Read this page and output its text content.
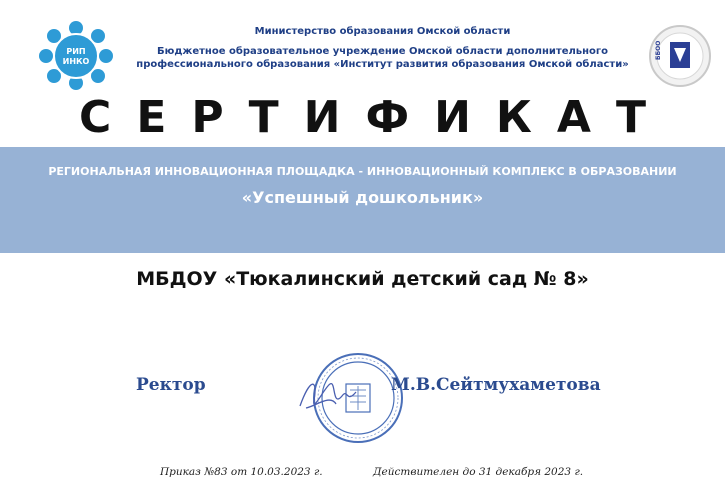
РИП
ИНКО
Министерство образования Омской области
Бюджетное образовательное учреждение Омской области дополнительного
профессионального образования «Институт развития образования Омской области»
ББОО
СЕРТИФИКАТ
РЕГИОНАЛЬНАЯ ИННОВАЦИОННАЯ ПЛОЩАДКА - ИННОВАЦИОННЫЙ КОМПЛЕКС В ОБРАЗОВАНИИ
«Успешный дошкольник»
МБДОУ «Тюкалинский детский сад № 8»
Ректор	М.В.Сейтмухаметова
Приказ №83 от 10.03.2023 г.	Действителен до 31 декабря 2023 г.
